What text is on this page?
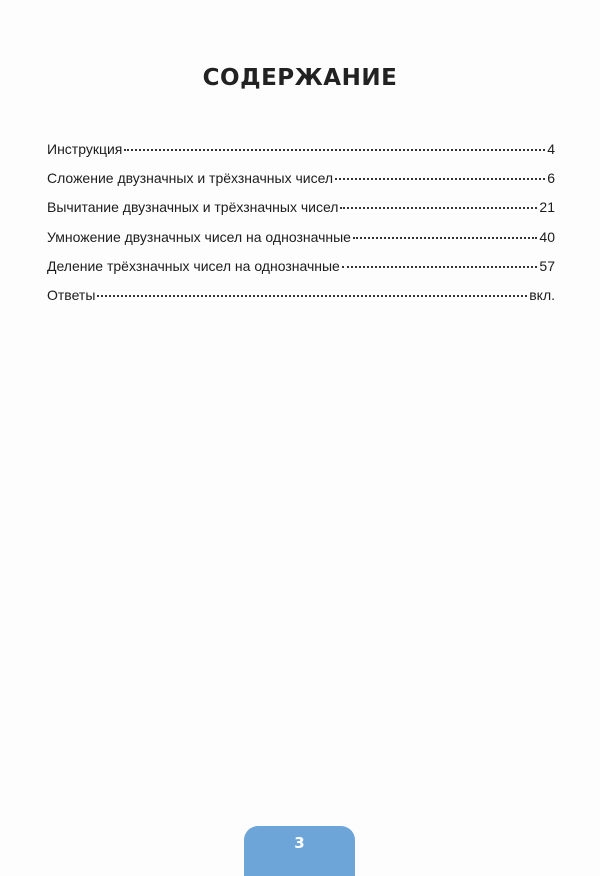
СОДЕРЖАНИЕ
Инструкция	4
Сложение двузначных и трёхзначных чисел	6
Вычитание двузначных и трёхзначных чисел	21
Умножение двузначных чисел на однозначные	40
Деление трёхзначных чисел на однозначные	57
Ответы	вкл.
3
